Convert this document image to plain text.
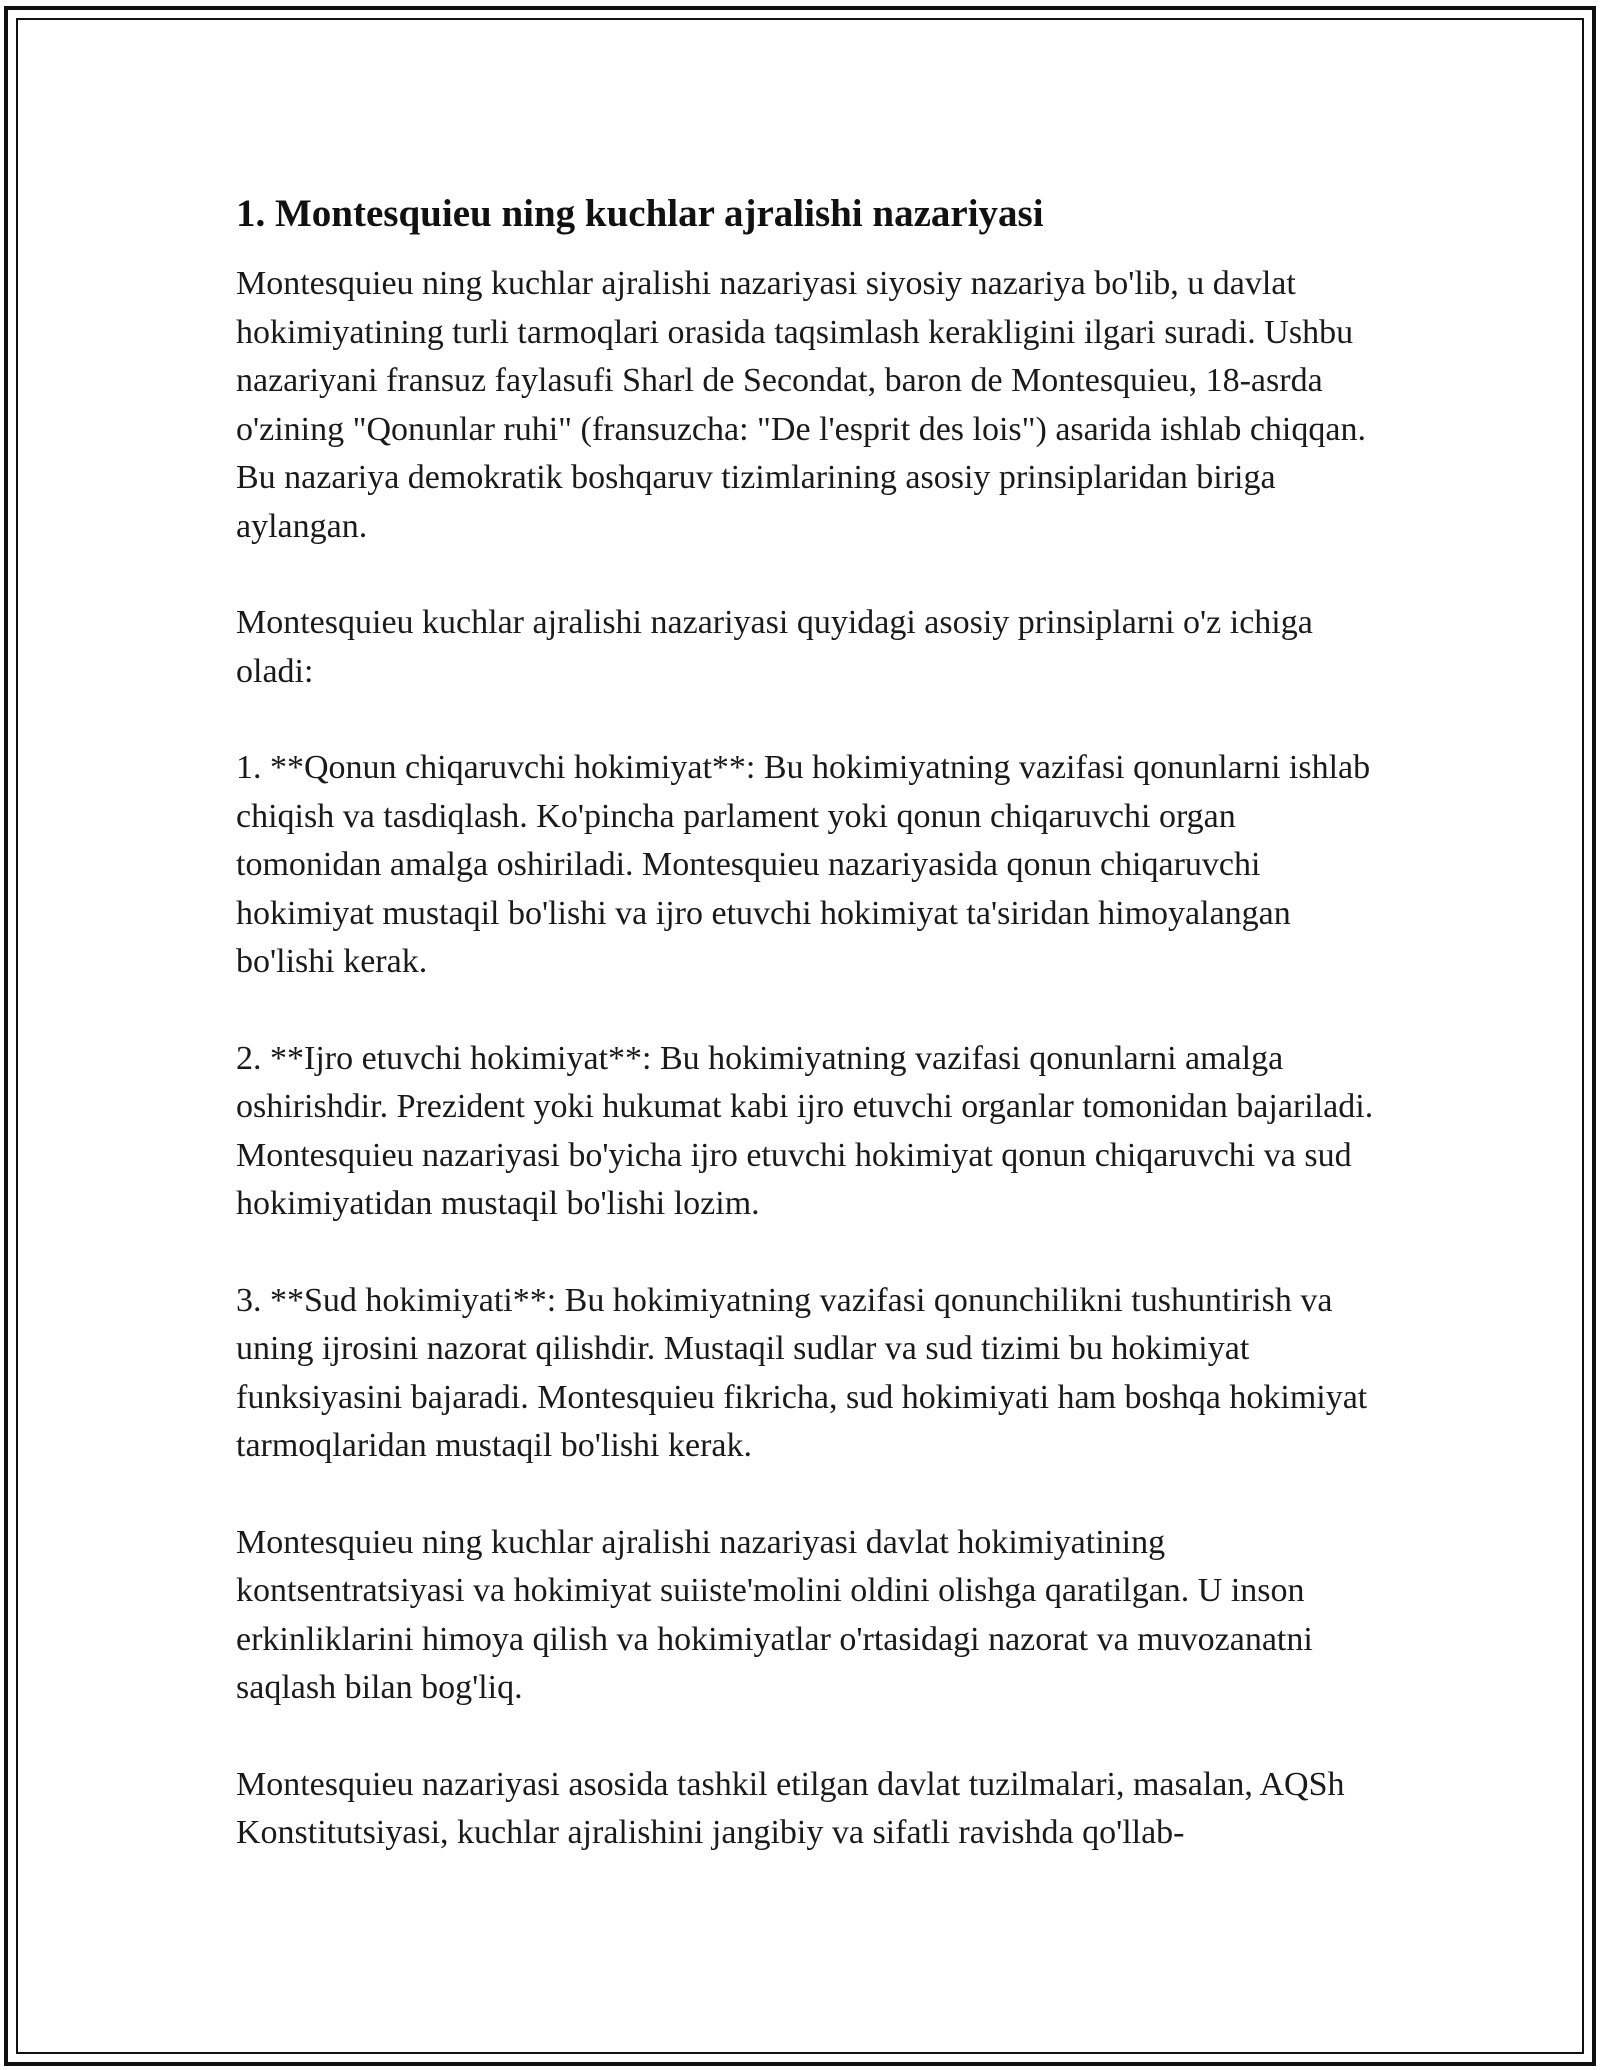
1. Montesquieu ning kuchlar ajralishi nazariyasi

Montesquieu ning kuchlar ajralishi nazariyasi siyosiy nazariya bo'lib, u davlat hokimiyatining turli tarmoqlari orasida taqsimlash kerakligini ilgari suradi. Ushbu nazariyani fransuz faylasufi Sharl de Secondat, baron de Montesquieu, 18-asrda o'zining "Qonunlar ruhi" (fransuzcha: "De l'esprit des lois") asarida ishlab chiqqan. Bu nazariya demokratik boshqaruv tizimlarining asosiy prinsiplaridan biriga aylangan.

Montesquieu kuchlar ajralishi nazariyasi quyidagi asosiy prinsiplarni o'z ichiga oladi:

1. **Qonun chiqaruvchi hokimiyat**: Bu hokimiyatning vazifasi qonunlarni ishlab chiqish va tasdiqlash. Ko'pincha parlament yoki qonun chiqaruvchi organ tomonidan amalga oshiriladi. Montesquieu nazariyasida qonun chiqaruvchi hokimiyat mustaqil bo'lishi va ijro etuvchi hokimiyat ta'siridan himoyalangan bo'lishi kerak.

2. **Ijro etuvchi hokimiyat**: Bu hokimiyatning vazifasi qonunlarni amalga oshirishdir. Prezident yoki hukumat kabi ijro etuvchi organlar tomonidan bajariladi. Montesquieu nazariyasi bo'yicha ijro etuvchi hokimiyat qonun chiqaruvchi va sud hokimiyatidan mustaqil bo'lishi lozim.

3. **Sud hokimiyati**: Bu hokimiyatning vazifasi qonunchilikni tushuntirish va uning ijrosini nazorat qilishdir. Mustaqil sudlar va sud tizimi bu hokimiyat funksiyasini bajaradi. Montesquieu fikricha, sud hokimiyati ham boshqa hokimiyat tarmoqlaridan mustaqil bo'lishi kerak.

Montesquieu ning kuchlar ajralishi nazariyasi davlat hokimiyatining kontsentratsiyasi va hokimiyat suiiste'molini oldini olishga qaratilgan. U inson erkinliklarini himoya qilish va hokimiyatlar o'rtasidagi nazorat va muvozanatni saqlash bilan bog'liq.

Montesquieu nazariyasi asosida tashkil etilgan davlat tuzilmalari, masalan, AQSh Konstitutsiyasi, kuchlar ajralishini jangibiy va sifatli ravishda qo'llab-
